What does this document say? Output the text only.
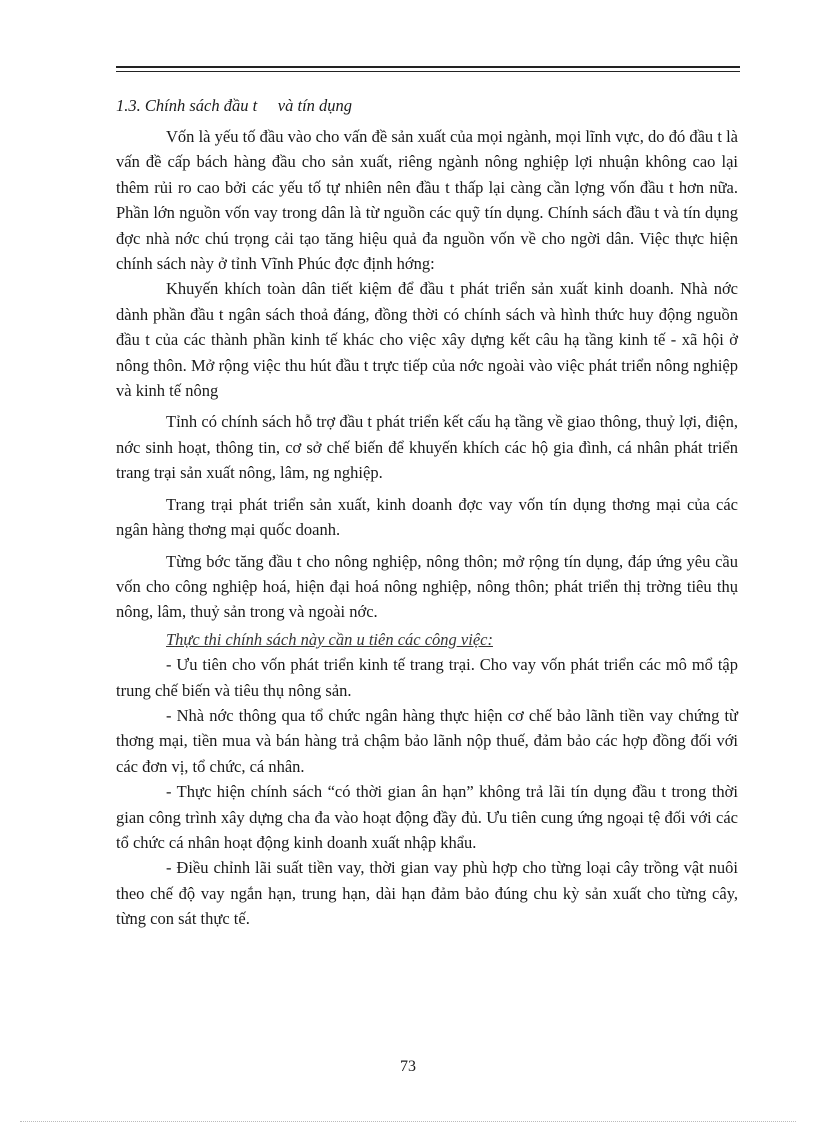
1.3. Chính sách đầu t     và tín dụng

Vốn là yếu tố đầu vào cho vấn đề sản xuất của mọi ngành, mọi lĩnh vực, do đó đầu t là vấn đề cấp bách hàng đầu cho sản xuất, riêng ngành nông nghiệp lợi nhuận không cao lại thêm rủi ro cao bởi các yếu tố tự nhiên nên đầu t thấp lại càng cần lợng vốn đầu t hơn nữa. Phần lớn nguồn vốn vay trong dân là từ nguồn các quỹ tín dụng. Chính sách đầu t và tín dụng đợc nhà nớc chú trọng cải tạo tăng hiệu quả đa nguồn vốn về cho ngời dân. Việc thực hiện chính sách này ở tỉnh Vĩnh Phúc đợc định hớng:

Khuyến khích toàn dân tiết kiệm để đầu t phát triển sản xuất kinh doanh. Nhà nớc dành phần đầu t ngân sách thoả đáng, đồng thời có chính sách và hình thức huy động nguồn đầu t của các thành phần kinh tế khác cho việc xây dựng kết câu hạ tầng kinh tế - xã hội ở nông thôn. Mở rộng việc thu hút đầu t trực tiếp của nớc ngoài vào việc phát triển nông nghiệp và kinh tế nông

Tỉnh có chính sách hỗ trợ đầu t phát triển kết cấu hạ tầng về giao thông, thuỷ lợi, điện, nớc sinh hoạt, thông tin, cơ sở chế biến để khuyến khích các hộ gia đình, cá nhân phát triển trang trại sản xuất nông, lâm, ng nghiệp.

Trang trại phát triển sản xuất, kinh doanh đợc vay vốn tín dụng thơng mại của các ngân hàng thơng mại quốc doanh.

Từng bớc tăng đầu t cho nông nghiệp, nông thôn; mở rộng tín dụng, đáp ứng yêu cầu vốn cho công nghiệp hoá, hiện đại hoá nông nghiệp, nông thôn; phát triển thị trờng tiêu thụ nông, lâm, thuỷ sản trong và ngoài nớc.

Thực thi chính sách này cần u tiên các công việc:

- Ưu tiên cho vốn phát triển kinh tế trang trại. Cho vay vốn phát triển các mô mổ tập trung chế biến và tiêu thụ nông sản.

- Nhà nớc thông qua tổ chức ngân hàng thực hiện cơ chế bảo lãnh tiền vay chứng từ thơng mại, tiền mua và bán hàng trả chậm bảo lãnh nộp thuế, đảm bảo các hợp đồng đối với các đơn vị, tổ chức, cá nhân.

- Thực hiện chính sách “có thời gian ân hạn” không trả lãi tín dụng đầu t trong thời gian công trình xây dựng cha đa vào hoạt động đầy đủ. Ưu tiên cung ứng ngoại tệ đối với các tổ chức cá nhân hoạt động kinh doanh xuất nhập khẩu.

- Điều chỉnh lãi suất tiền vay, thời gian vay phù hợp cho từng loại cây trồng vật nuôi theo chế độ vay ngắn hạn, trung hạn, dài hạn đảm bảo đúng chu kỳ sản xuất cho từng cây, từng con sát thực tế.

73
